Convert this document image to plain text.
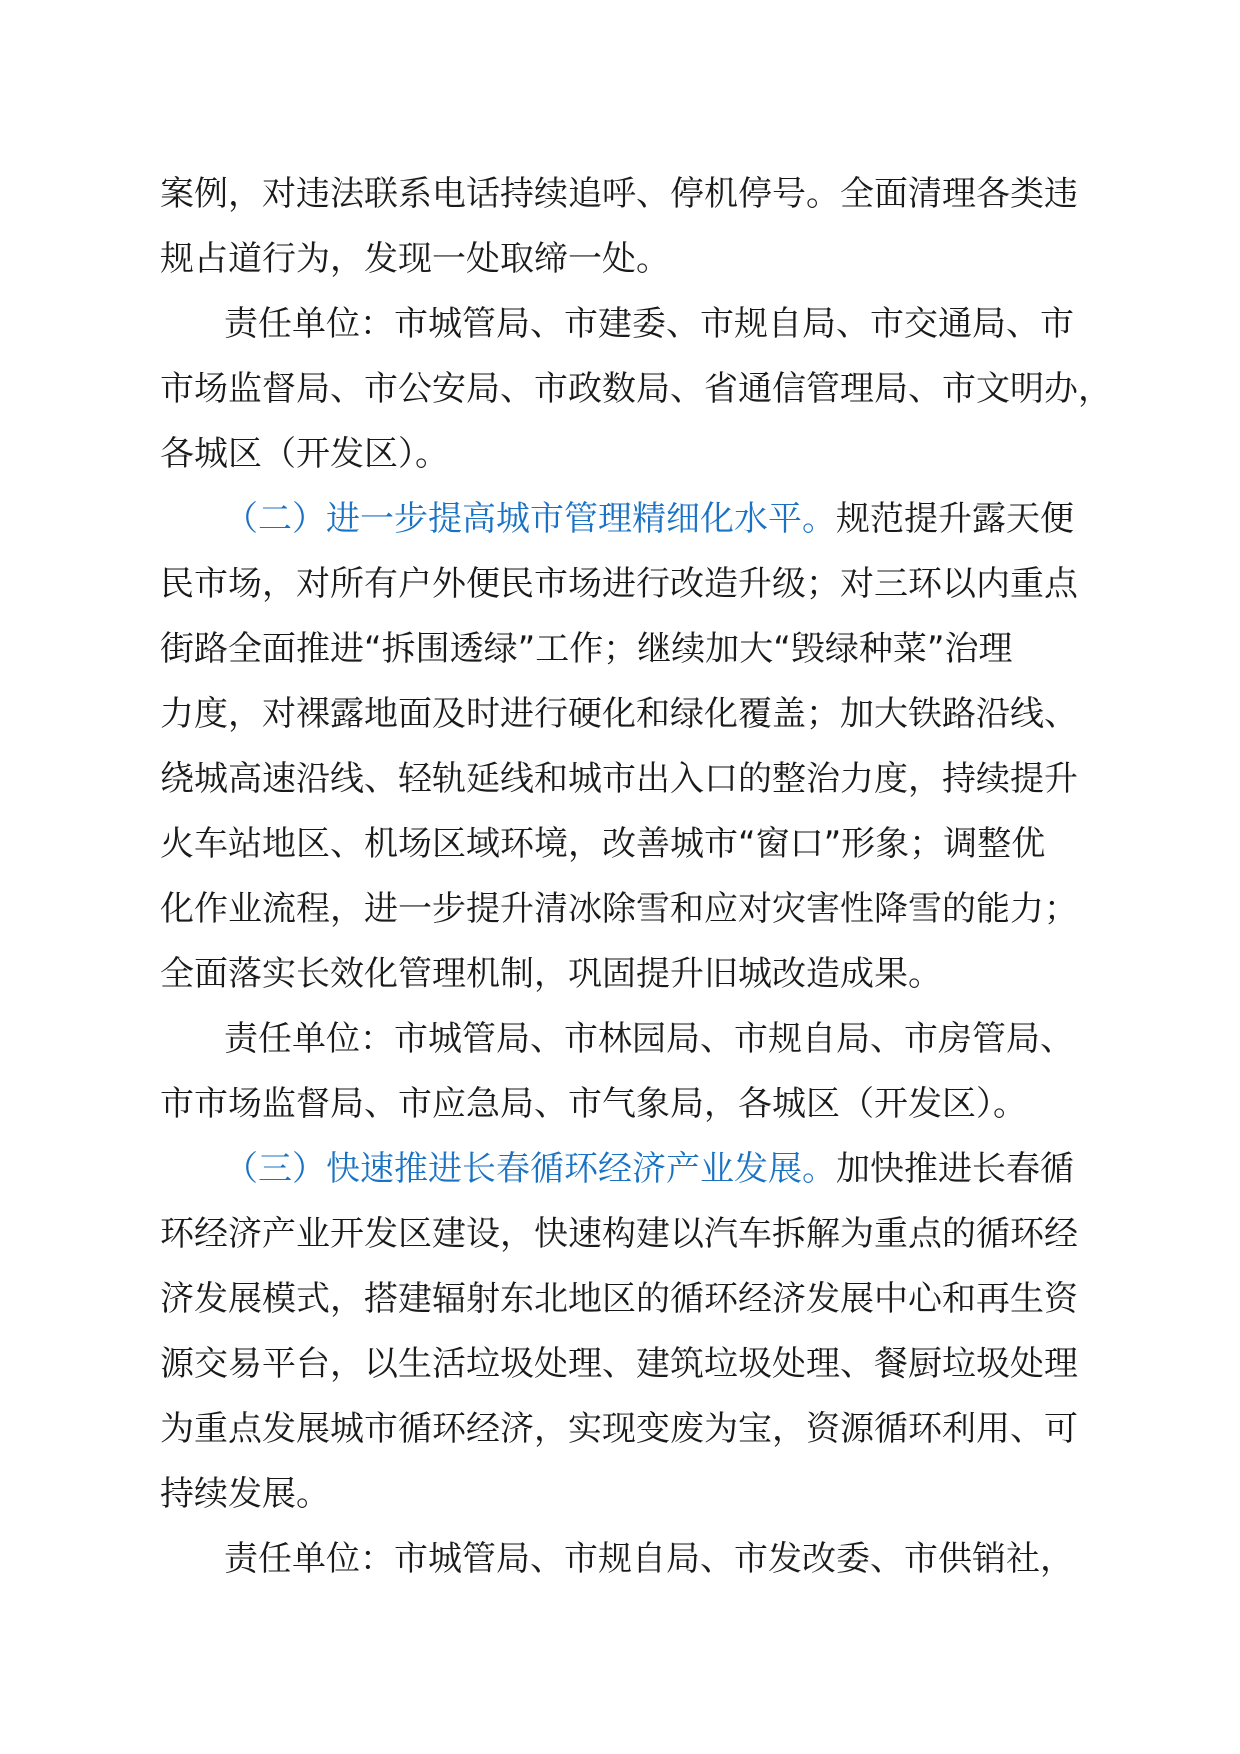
案例，对违法联系电话持续追呼、停机停号。全面清理各类违
规占道行为，发现一处取缔一处。
责任单位：市城管局、市建委、市规自局、市交通局、市
市场监督局、市公安局、市政数局、省通信管理局、市文明办，
各城区（开发区）。
（二）进一步提高城市管理精细化水平。规范提升露天便
民市场，对所有户外便民市场进行改造升级；对三环以内重点
街路全面推进“拆围透绿”工作；继续加大“毁绿种菜”治理
力度，对裸露地面及时进行硬化和绿化覆盖；加大铁路沿线、
绕城高速沿线、轻轨延线和城市出入口的整治力度，持续提升
火车站地区、机场区域环境，改善城市“窗口”形象；调整优
化作业流程，进一步提升清冰除雪和应对灾害性降雪的能力；
全面落实长效化管理机制，巩固提升旧城改造成果。
责任单位：市城管局、市林园局、市规自局、市房管局、
市市场监督局、市应急局、市气象局，各城区（开发区）。
（三）快速推进长春循环经济产业发展。加快推进长春循
环经济产业开发区建设，快速构建以汽车拆解为重点的循环经
济发展模式，搭建辐射东北地区的循环经济发展中心和再生资
源交易平台，以生活垃圾处理、建筑垃圾处理、餐厨垃圾处理
为重点发展城市循环经济，实现变废为宝，资源循环利用、可
持续发展。
责任单位：市城管局、市规自局、市发改委、市供销社，
